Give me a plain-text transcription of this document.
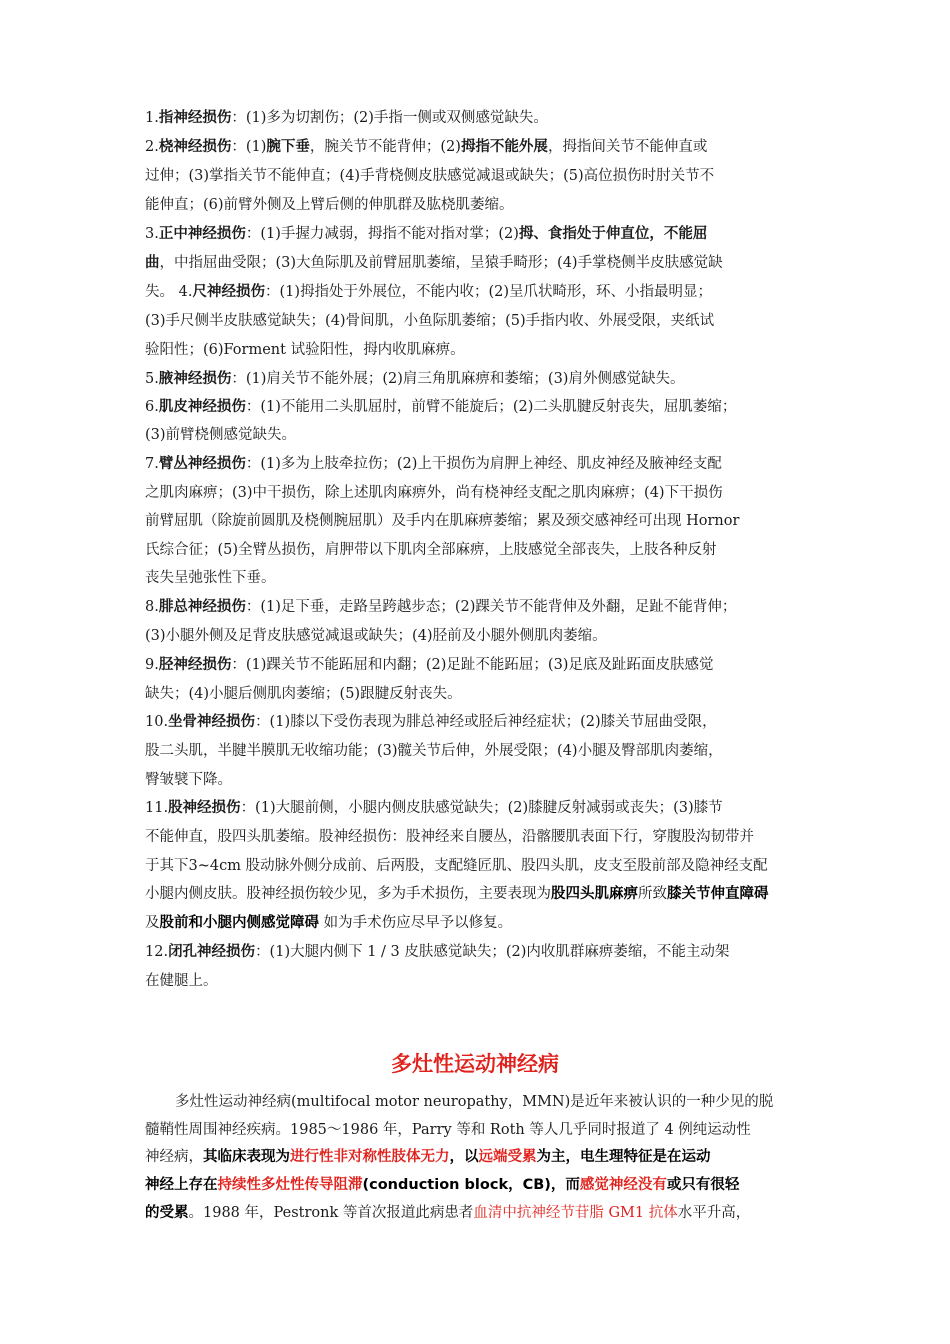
1.指神经损伤：(1)多为切割伤；(2)手指一侧或双侧感觉缺失。
2.桡神经损伤：(1)腕下垂，腕关节不能背伸；(2)拇指不能外展，拇指间关节不能伸直或
过伸；(3)掌指关节不能伸直；(4)手背桡侧皮肤感觉减退或缺失；(5)高位损伤时肘关节不
能伸直；(6)前臂外侧及上臂后侧的伸肌群及肱桡肌萎缩。
3.正中神经损伤：(1)手握力减弱，拇指不能对指对掌；(2)拇、食指处于伸直位，不能屈
曲，中指屈曲受限；(3)大鱼际肌及前臂屈肌萎缩，呈猿手畸形；(4)手掌桡侧半皮肤感觉缺
失。 4.尺神经损伤：(1)拇指处于外展位，不能内收；(2)呈爪状畸形，环、小指最明显；
(3)手尺侧半皮肤感觉缺失；(4)骨间肌，小鱼际肌萎缩；(5)手指内收、外展受限，夹纸试
验阳性；(6)Forment 试验阳性，拇内收肌麻痹。
5.腋神经损伤：(1)肩关节不能外展；(2)肩三角肌麻痹和萎缩；(3)肩外侧感觉缺失。
6.肌皮神经损伤：(1)不能用二头肌屈肘，前臂不能旋后；(2)二头肌腱反射丧失，屈肌萎缩；
(3)前臂桡侧感觉缺失。
7.臂丛神经损伤：(1)多为上肢牵拉伤；(2)上干损伤为肩胛上神经、肌皮神经及腋神经支配
之肌肉麻痹；(3)中干损伤，除上述肌肉麻痹外，尚有桡神经支配之肌肉麻痹；(4)下干损伤
前臂屈肌（除旋前圆肌及桡侧腕屈肌）及手内在肌麻痹萎缩；累及颈交感神经可出现 Hornor
氏综合征；(5)全臂丛损伤，肩胛带以下肌肉全部麻痹，上肢感觉全部丧失，上肢各种反射
丧失呈弛张性下垂。
8.腓总神经损伤：(1)足下垂，走路呈跨越步态；(2)踝关节不能背伸及外翻，足趾不能背伸；
(3)小腿外侧及足背皮肤感觉减退或缺失；(4)胫前及小腿外侧肌肉萎缩。
9.胫神经损伤：(1)踝关节不能跖屈和内翻；(2)足趾不能跖屈；(3)足底及趾跖面皮肤感觉
缺失；(4)小腿后侧肌肉萎缩；(5)跟腱反射丧失。
10.坐骨神经损伤：(1)膝以下受伤表现为腓总神经或胫后神经症状；(2)膝关节屈曲受限，
股二头肌，半腱半膜肌无收缩功能；(3)髋关节后伸，外展受限；(4)小腿及臀部肌肉萎缩，
臀皱襞下降。
11.股神经损伤：(1)大腿前侧，小腿内侧皮肤感觉缺失；(2)膝腱反射减弱或丧失；(3)膝节
不能伸直，股四头肌萎缩。股神经损伤：股神经来自腰丛，沿髂腰肌表面下行，穿腹股沟韧带并
于其下3~4cm 股动脉外侧分成前、后两股，支配缝匠肌、股四头肌，皮支至股前部及隐神经支配
小腿内侧皮肤。股神经损伤较少见，多为手术损伤，主要表现为股四头肌麻痹所致膝关节伸直障碍
及股前和小腿内侧感觉障碍 如为手术伤应尽早予以修复。
12.闭孔神经损伤：(1)大腿内侧下 1 / 3 皮肤感觉缺失；(2)内收肌群麻痹萎缩，不能主动架
在健腿上。
多灶性运动神经病
多灶性运动神经病(multifocal motor neuropathy，MMN)是近年来被认识的一种少见的脱
髓鞘性周围神经疾病。1985～1986 年，Parry 等和 Roth 等人几乎同时报道了 4 例纯运动性
神经病，其临床表现为进行性非对称性肢体无力，以远端受累为主，电生理特征是在运动
神经上存在持续性多灶性传导阻滞(conduction block，CB)，而感觉神经没有或只有很轻
的受累。1988 年，Pestronk 等首次报道此病患者血清中抗神经节苷脂 GM1 抗体水平升高，
